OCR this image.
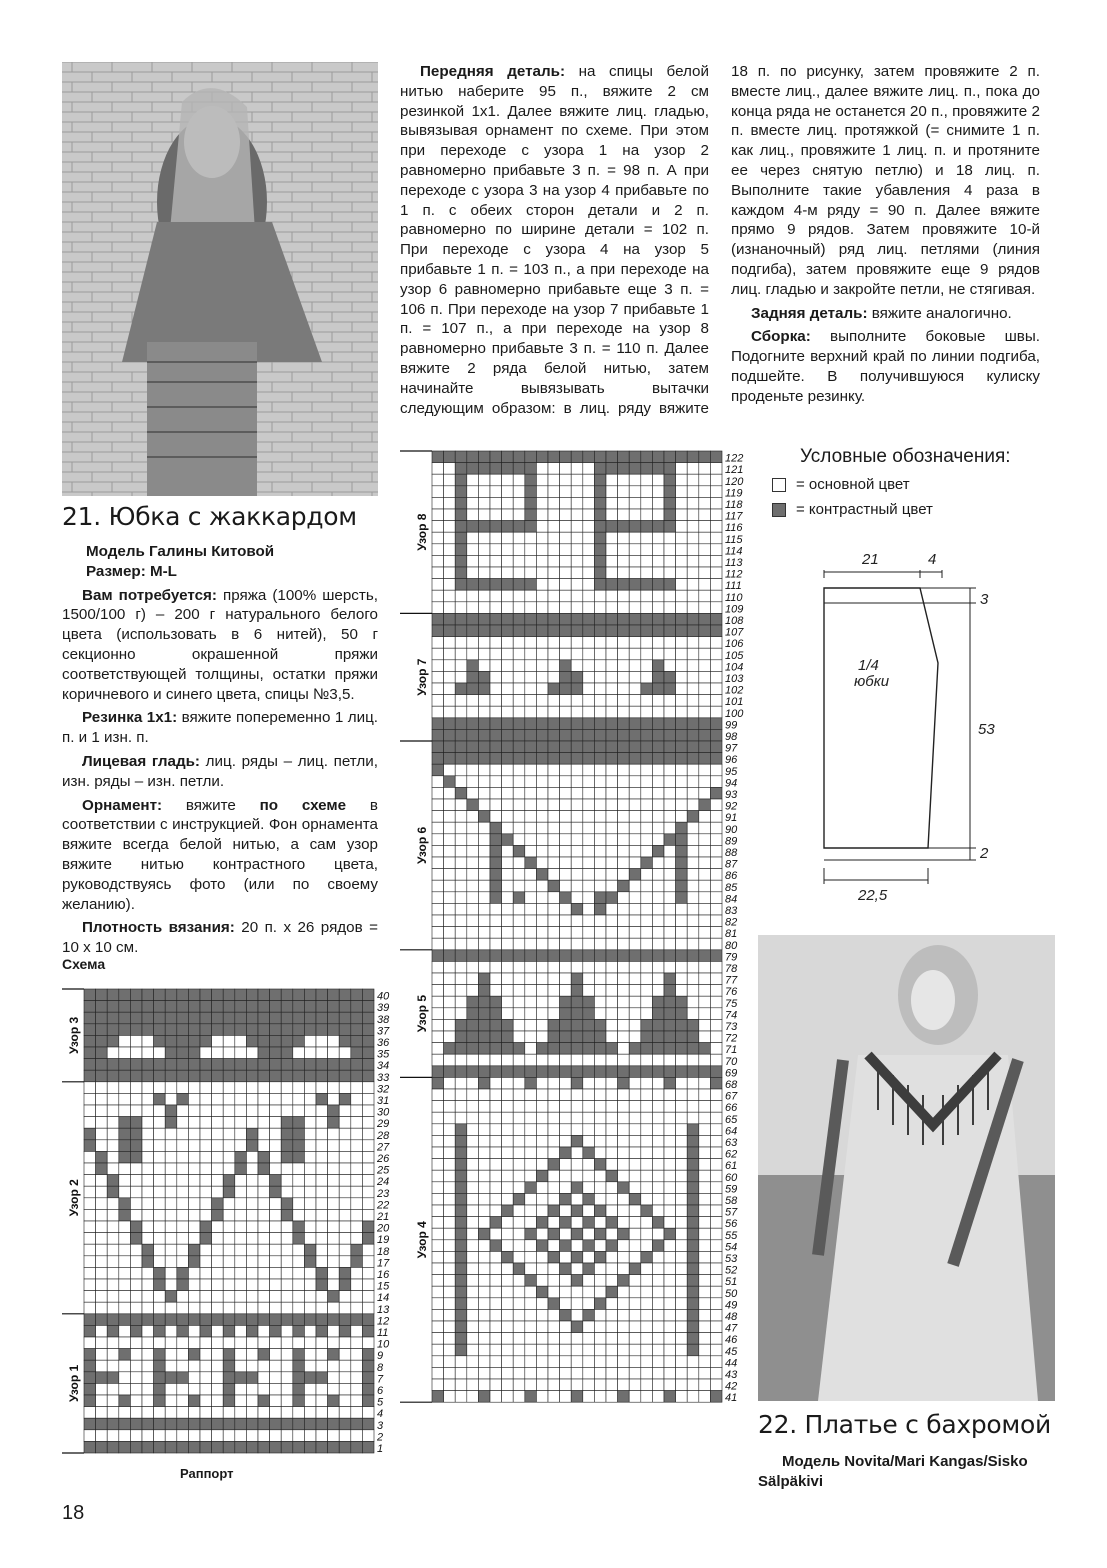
21. Юбка с жаккардом

Модель Галины Китовой

Размер: M-L

Вам потребуется: пряжа (100% шерсть, 1500/100 г) – 200 г натурального белого цвета (использовать в 6 нитей), 50 г секционно окрашенной пряжи соответствующей толщины, остатки пряжи коричневого и синего цвета, спицы №3,5.

Резинка 1х1: вяжите попеременно 1 лиц. п. и 1 изн. п.

Лицевая гладь: лиц. ряды – лиц. петли, изн. ряды – изн. петли.

Орнамент: вяжите по схеме в соответствии с инструкцией. Фон орнамента вяжите всегда белой нитью, а сам узор вяжите нитью контрастного цвета, руководствуясь фото (или по своему желанию).

Плотность вязания: 20 п. х 26 рядов = 10 х 10 см.

Передняя деталь: на спицы белой нитью наберите 95 п., вяжите 2 см резинкой 1х1. Далее вяжите лиц. гладью, вывязывая орнамент по схеме. При этом при переходе с узора 1 на узор 2 равномерно прибавьте 3 п. = 98 п. А при переходе с узора 3 на узор 4 прибавьте по 1 п. с обеих сторон детали и 2 п. равномерно по ширине детали = 102 п. При переходе с узора 4 на узор 5 прибавьте 1 п. = 103 п., а при переходе на узор 6 равномерно прибавьте еще 3 п. = 106 п. При переходе на узор 7 прибавьте 1 п. = 107 п., а при переходе на узор 8 равномерно прибавьте 3 п. = 110 п. Далее вяжите 2 ряда белой нитью, затем начинайте вывязывать вытачки следующим образом: в лиц. ряду вяжите 18 п. по рисунку, затем провяжите 2 п. вместе лиц., далее вяжите лиц. п., пока до конца ряда не останется 20 п., провяжите 2 п. вместе лиц. протяжкой (= снимите 1 п. как лиц., провяжите 1 лиц. п. и протяните ее через снятую петлю) и 18 лиц. п. Выполните такие убавления 4 раза в каждом 4-м ряду = 90 п. Далее вяжите прямо 9 рядов. Затем провяжите 10-й (изнаночный) ряд лиц. петлями (линия подгиба), затем провяжите еще 9 рядов лиц. гладью и закройте петли, не стягивая.

Задняя деталь: вяжите аналогично.

Сборка: выполните боковые швы. Подогните верхний край по линии подгиба, подшейте. В получившуюся кулиску проденьте резинку.

Условные обозначения:
= основной цвет
= контрастный цвет
21	4
3
1/4
юбки
53
2
22,5
Схема
40
39
38
37
36
35
34
33
32
31
30
29
28
27
26
25
24
23
22
21
20
19
18
17
16
15
14
13
12
11
10
9
8
7
6
5
4
3
2
1
Узор 1
Узор 2
Узор 3
Раппорт
122
121
120
119
118
117
116
115
114
113
112
111
110
109
108
107
106
105
104
103
102
101
100
99
98
97
96
95
94
93
92
91
90
89
88
87
86
85
84
83
82
81
80
79
78
77
76
75
74
73
72
71
70
69
68
67
66
65
64
63
62
61
60
59
58
57
56
55
54
53
52
51
50
49
48
47
46
45
44
43
42
41
Узор 4
Узор 5
Узор 6
Узор 7
Узор 8
22. Платье с бахромой
Модель Novita/Mari Kangas/Sisko Sälpäkivi
18
